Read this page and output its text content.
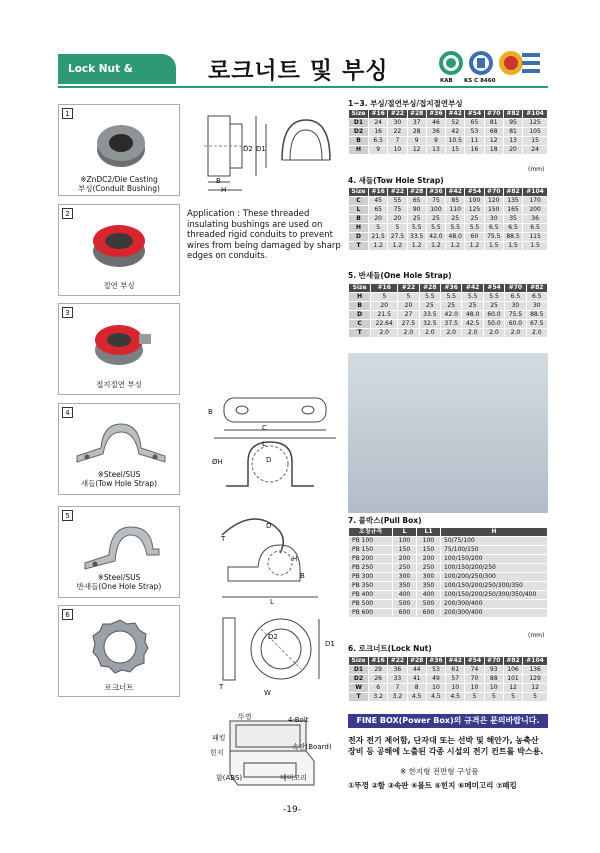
Lock Nut & Bushing
로크너트 및 부싱	KAB KS C 8460
1
※ZnDC2/Die Casting
부싱(Conduit Bushing)
2
절연 부싱
3
접지절연 부싱
4
※Steel/SUS
새들(Tow Hole Strap)
5
※Steel/SUS
반새들(One Hole Strap)
6
로크너트
D2 D1
B
H
Application : These threaded insulating bushings are used on threaded rigid conduits to prevent wires from being damaged by sharp edges on conduits.
B
C
L
D
ØH
T
D
B
H
L
D2
D1
T
W
뚜껑	4-Bolt
패킹
속판(Board)
힌지
함(ABS)	메미고리
1~3. 부싱/절연부싱/접지절연부싱
Size	#16	#22	#28	#36	#42	#54	#70	#82	#104
D1	24	30	37	46	52	65	81	95	125
D2	16	22	28	36	42	53	68	81	105
B	6.5	7	9	9	10.5	11	12	13	15
H	9	10	12	13	15	16	18	20	24
(mm)
4. 새들(Tow Hole Strap)
Size	#16	#22	#28	#36	#42	#54	#70	#82	#104
C	45	55	65	75	85	100	120	135	170
L	65	75	90	100	110	125	150	165	200
B	20	20	25	25	25	25	30	35	36
H	5	5	5.5	5.5	5.5	5.5	6.5	6.5	6.5
D	21.5	27.5	33.5	42.0	48.0	60	75.5	88.5	115
T	1.2	1.2	1.2	1.2	1.2	1.2	1.5	1.5	1.5
5. 반새들(One Hole Strap)
Size	#16	#22	#28	#36	#42	#54	#70	#82
H	5	5	5.5	5.5	5.5	5.5	6.5	6.5
B	20	20	25	25	25	25	30	30
D	21.5	27	33.5	42.0	48.0	60.0	75.5	88.5
C	22.64	27.5	32.5	37.5	42.5	50.0	60.0	67.5
T	2.0	2.0	2.0	2.0	2.0	2.0	2.0	2.0
7. 풀박스(Pull Box)
호칭규격	L	L1	H
PB 100	100	100	50/75/100
PB 150	150	150	75/100/150
PB 200	200	200	100/150/200
PB 250	250	250	100/150/200/250
PB 300	300	300	100/200/250/300
PB 350	350	350	100/150/200/250/300/350
PB 400	400	400	100/150/200/250/300/350/400
PB 500	500	500	200/300/400
PB 600	600	600	200/300/400
(mm)
6. 로크너트(Lock Nut)
Size	#16	#22	#28	#36	#42	#54	#70	#82	#104
D1	29	36	44	53	61	74	93	106	136
D2	26	33	41	49	57	70	88	101	129
W	6	7	8	10	10	10	10	12	12
T	3.2	3.2	4.5	4.5	4.5	5	5	5	5
FINE BOX(Power Box)의 규격은 문의바랍니다.
전자 전기 제어함, 단자대 또는 선박 및 해안가, 농축산 장비 등 공해에 노출된 각종 시설의 전기 컨트롤 박스용.
※ 한지형 전면형 구성품
①뚜껑 ②함 ③속판 ④볼트 ⑤힌지 ⑥메미고리 ⑦패킹
-19-
